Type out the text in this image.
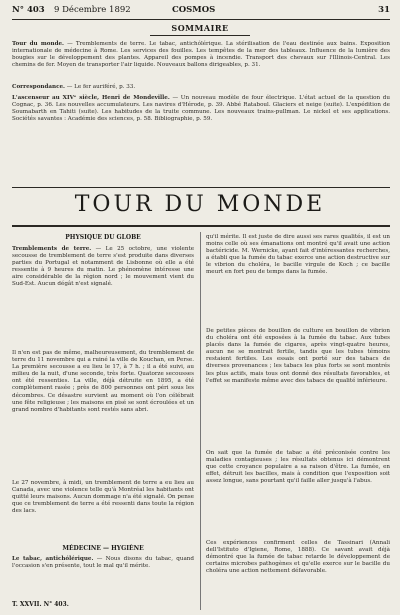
N° 403 9 Décembre 1892	COSMOS	31
SOMMAIRE

Tour du monde. — Tremblements de terre. Le tabac, antichólérique. La stérilisation de l'eau destinée aux bains. Exposition internationale de médecine à Rome. Les services des fouilles. Les tempêtes de la mer des tableaux. Influence de la lumière des bougies sur le développement des plantes. Appareil des pompes à incendie. Transport des chevaux sur l'Illinois-Central. Les chemins de fer. Moyen de transporter l'air liquide. Nouveaux ballons dirigeables, p. 31.

Correspondance. — Le fer auriféré, p. 33.

L'ascenseur au XIVᵉ siècle, Henri de Mondeville. — Un nouveau modèle de four électrique. L'état actuel de la question du Cognac, p. 36. Les nouvelles accumulateurs. Les navires d'Hérode, p. 39. Abbé Rataboul. Glaciers et neige (suite). L'expédition de Soumabarth en Tahiti (suite). Les habitudes de la truite commune. Les nouveaux trains-pullman. Le nickel et ses applications. Sociétés savantes : Académie des sciences, p. 58. Bibliographie, p. 59.

TOUR DU MONDE
PHYSIQUE DU GLOBE

Tremblements de terre. — Le 25 octobre, une violente secousse de tremblement de terre s'est produite dans diverses parties du Portugal et notamment de Lisbonne où elle a été ressentie à 9 heures du matin. Le phénomène intéresse une aire considérable de la région nord ; le mouvement vient du Sud-Est. Aucun dégât n'est signalé.

Il n'en est pas de même, malheureusement, du tremblement de terre du 11 novembre qui a ruiné la ville de Kouchan, en Perse. La première secousse a eu lieu le 17, à 7 h. ; il a été suivi, au milieu de la nuit, d'une seconde, très forte. Quatorze secousses ont été ressenties. La ville, déjà détruite en 1895, a été complètement rasée ; près de 800 personnes ont péri sous les décombres. Ce désastre survient au moment où l'on célébrait une fête religieuse ; les maisons en pisé se sont écroulées et un grand nombre d'habitants sont restés sans abri.

Le 27 novembre, à midi, un tremblement de terre a eu lieu au Canada, avec une violence telle qu'à Montréal les habitants ont quitté leurs maisons. Aucun dommage n'a été signalé. On pense que ce tremblement de terre a été ressenti dans toute la région des lacs.

MÉDECINE — HYGIÈNE

Le tabac, antichólérique. — Nous disons du tabac, quand l'occasion s'en présente, tout le mal qu'il mérite.

T. XXVII. N° 403.

qu'il mérite. Il est juste de dire aussi ses rares qualités, il est un moins celle où ses émanations ont montré qu'il avait une action bactéricide. M. Wernicke, ayant fait d'intéressantes recherches, a établi que la fumée du tabac exerce une action destructive sur le vibrion du choléra, le bacille virgule de Koch ; ce bacille meurt en fort peu de temps dans la fumée.

De petites pièces de bouillon de culture en bouillon de vibrion du choléra ont été exposées à la fumée du tabac. Aux tubes placés dans la fumée de cigares, après vingt-quatre heures, aucun ne se montrait fertile, tandis que les tubes témoins restaient fertiles. Les essais ont porté sur des tabacs de diverses provenances ; les tabacs les plus forts se sont montrés les plus actifs, mais tous ont donné des résultats favorables, et l'effet se manifeste même avec des tabacs de qualité inférieure.

On sait que la fumée de tabac a été préconisée contre les maladies contagieuses ; les résultats obtenus ici démontrent que cette croyance populaire a sa raison d'être. La fumée, en effet, détruit les bacilles, mais à condition que l'exposition soit assez longue, sans pourtant qu'il faille aller jusqu'à l'abus.

Ces expériences confirment celles de Tassinari (Annali dell'Istituto d'Igiene, Rome, 1888). Ce savant avait déjà démontré que la fumée de tabac retarde le développement de certains microbes pathogènes et qu'elle exerce sur le bacille du choléra une action nettement défavorable.
